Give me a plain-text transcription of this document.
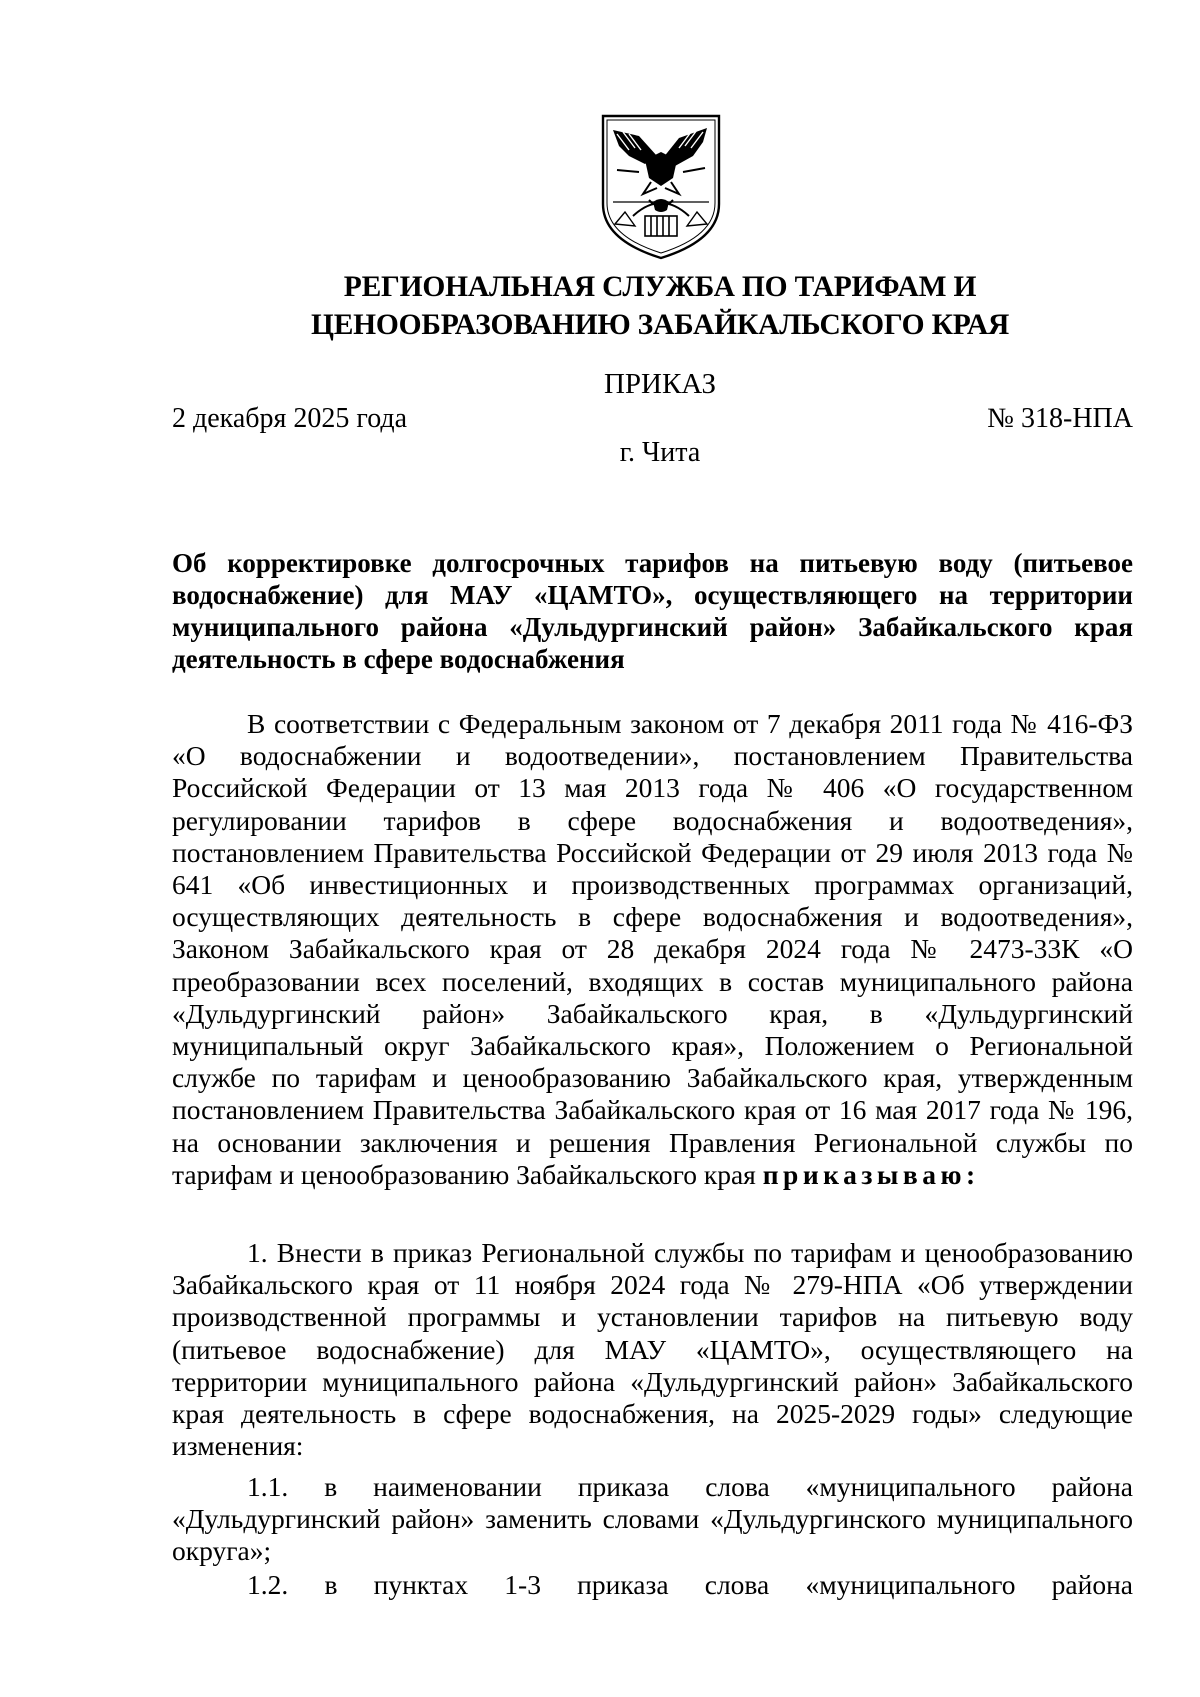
РЕГИОНАЛЬНАЯ СЛУЖБА ПО ТАРИФАМ И
ЦЕНООБРАЗОВАНИЮ ЗАБАЙКАЛЬСКОГО КРАЯ
ПРИКАЗ
2 декабря 2025 года	№ 318-НПА
г. Чита
Об корректировке долгосрочных тарифов на питьевую воду (питьевое водоснабжение) для МАУ «ЦАМТО», осуществляющего на территории муниципального района «Дульдургинский район» Забайкальского края деятельность в сфере водоснабжения

В соответствии с Федеральным законом от 7 декабря 2011 года № 416-ФЗ «О водоснабжении и водоотведении», постановлением Правительства Российской Федерации от 13 мая 2013 года № 406 «О государственном регулировании тарифов в сфере водоснабжения и водоотведения», постановлением Правительства Российской Федерации от 29 июля 2013 года № 641 «Об инвестиционных и производственных программах организаций, осуществляющих деятельность в сфере водоснабжения и водоотведения», Законом Забайкальского края от 28 декабря 2024 года № 2473-33К «О преобразовании всех поселений, входящих в состав муниципального района «Дульдургинский район» Забайкальского края, в «Дульдургинский муниципальный округ Забайкальского края», Положением о Региональной службе по тарифам и ценообразованию Забайкальского края, утвержденным постановлением Правительства Забайкальского края от 16 мая 2017 года № 196, на основании заключения и решения Правления Региональной службы по тарифам и ценообразованию Забайкальского края приказываю:

1. Внести в приказ Региональной службы по тарифам и ценообразованию Забайкальского края от 11 ноября 2024 года № 279-НПА «Об утверждении производственной программы и установлении тарифов на питьевую воду (питьевое водоснабжение) для МАУ «ЦАМТО», осуществляющего на территории муниципального района «Дульдургинский район» Забайкальского края деятельность в сфере водоснабжения, на 2025-2029 годы» следующие изменения:

1.1. в наименовании приказа слова «муниципального района «Дульдургинский район» заменить словами «Дульдургинского муниципального округа»;

1.2. в пунктах 1-3 приказа слова «муниципального района
